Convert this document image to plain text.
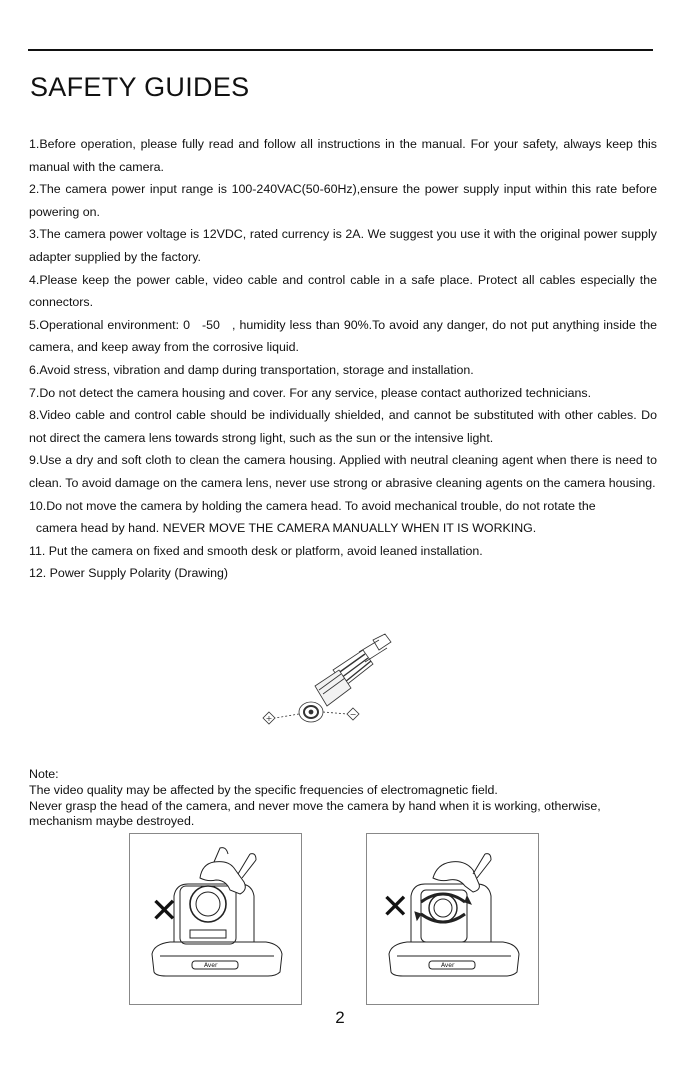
SAFETY GUIDES

1.Before operation, please fully read and follow all instructions in the manual. For your safety, always keep this manual with the camera.

2.The camera power input range is 100-240VAC(50-60Hz),ensure the power supply input within this rate before powering on.

3.The camera power voltage is 12VDC, rated currency is 2A. We suggest you use it with the original power supply adapter supplied by the factory.

4.Please keep the power cable, video cable and control cable in a safe place. Protect all cables especially the connectors.

5.Operational environment: 0   -50   , humidity less than 90%.To avoid any danger, do not put anything inside the camera, and keep away from the corrosive liquid.

6.Avoid stress, vibration and damp during transportation, storage and installation.

7.Do not detect the camera housing and cover. For any service, please contact authorized technicians.

8.Video cable and control cable should be individually shielded, and cannot be substituted with other cables. Do not direct the camera lens towards strong light, such as the sun or the intensive light.

9.Use a dry and soft cloth to clean the camera housing. Applied with neutral cleaning agent when there is need to clean. To avoid damage on the camera lens, never use strong or abrasive cleaning agents on the camera housing.

10.Do not move the camera by holding the camera head. To avoid mechanical trouble, do not rotate the

camera head by hand. NEVER MOVE THE CAMERA MANUALLY WHEN IT IS WORKING.

11. Put the camera on fixed and smooth desk or platform, avoid leaned installation.

12. Power Supply Polarity (Drawing)

+	−

Note:

The video quality may be affected by the specific frequencies of electromagnetic field.

Never grasp the head of the camera, and never move the camera by hand when it is working, otherwise,

mechanism maybe destroyed.

✕
Aver
✕
Aver
2
